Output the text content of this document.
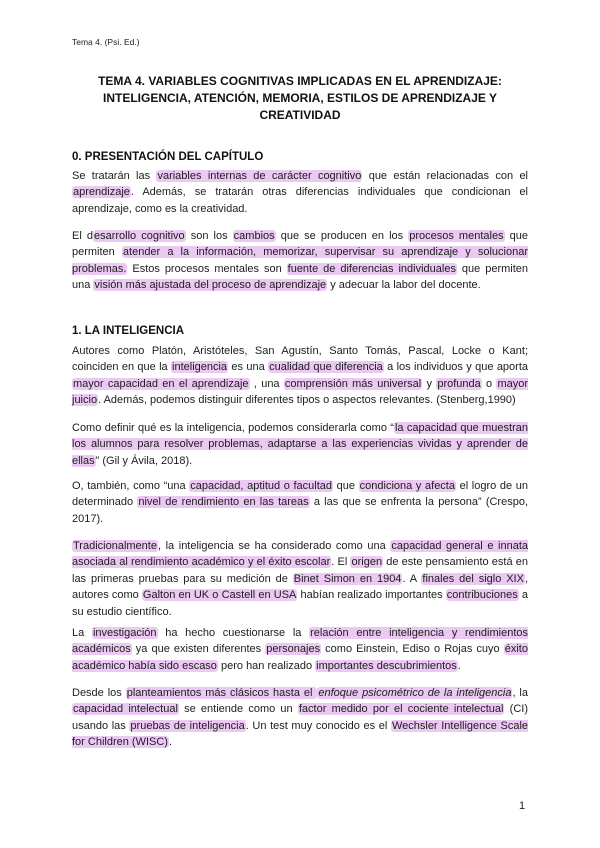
Tema 4. (Psi. Ed.)
TEMA 4. VARIABLES COGNITIVAS IMPLICADAS EN EL APRENDIZAJE:
INTELIGENCIA, ATENCIÓN, MEMORIA, ESTILOS DE APRENDIZAJE Y
CREATIVIDAD
0. PRESENTACIÓN DEL CAPÍTULO

Se tratarán las variables internas de carácter cognitivo que están relacionadas con el aprendizaje. Además, se tratarán otras diferencias individuales que condicionan el aprendizaje, como es la creatividad.

El desarrollo cognitivo son los cambios que se producen en los procesos mentales que permiten atender a la información, memorizar, supervisar su aprendizaje y solucionar problemas. Estos procesos mentales son fuente de diferencias individuales que permiten una visión más ajustada del proceso de aprendizaje y adecuar la labor del docente.

1. LA INTELIGENCIA

Autores como Platón, Aristóteles, San Agustín, Santo Tomás, Pascal, Locke o Kant; coinciden en que la inteligencia es una cualidad que diferencia a los individuos y que aporta mayor capacidad en el aprendizaje , una comprensión más universal y profunda o mayor juicio. Además, podemos distinguir diferentes tipos o aspectos relevantes. (Stenberg,1990)

Como definir qué es la inteligencia, podemos considerarla como “la capacidad que muestran los alumnos para resolver problemas, adaptarse a las experiencias vividas y aprender de ellas” (Gil y Ávila, 2018).

O, también, como “una capacidad, aptitud o facultad que condiciona y afecta el logro de un determinado nivel de rendimiento en las tareas a las que se enfrenta la persona” (Crespo, 2017).

Tradicionalmente, la inteligencia se ha considerado como una capacidad general e innata asociada al rendimiento académico y el éxito escolar. El origen de este pensamiento está en las primeras pruebas para su medición de Binet Simon en 1904. A finales del siglo XIX, autores como Galton en UK o Castell en USA habían realizado importantes contribuciones a su estudio científico.

La investigación ha hecho cuestionarse la relación entre inteligencia y rendimientos académicos ya que existen diferentes personajes como Einstein, Ediso o Rojas cuyo éxito académico había sido escaso pero han realizado importantes descubrimientos.

Desde los planteamientos más clásicos hasta el enfoque psicométrico de la inteligencia, la capacidad intelectual se entiende como un factor medido por el cociente intelectual (CI) usando las pruebas de inteligencia. Un test muy conocido es el Wechsler Intelligence Scale for Children (WISC).

1
